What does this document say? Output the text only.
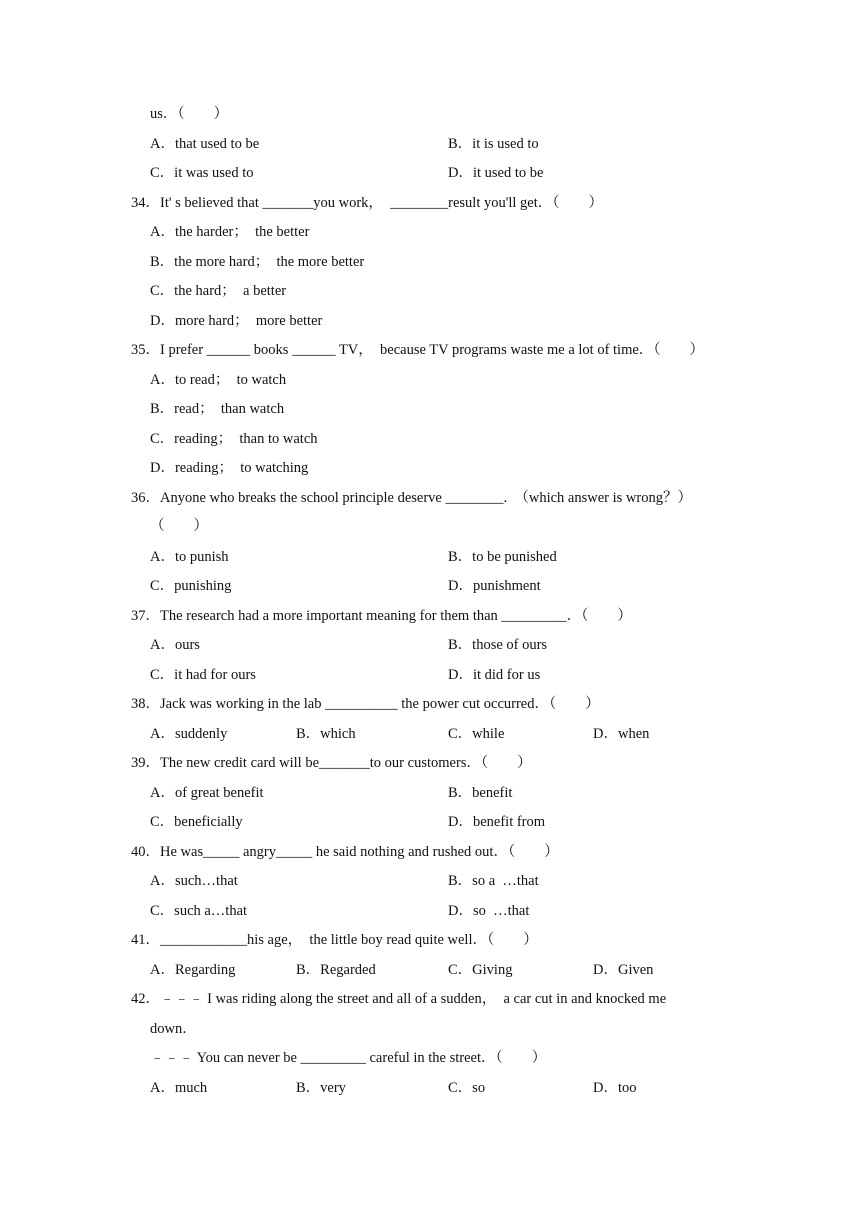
us．（　　）
A．that used to be	B．it is used to
C．it was used to	D．it used to be
34．It' s believed that _______you work，  ________result you'll get．（　　）
A．the harder；  the better
B．the more hard；  the more better
C．the hard；  a better
D．more hard；  more better
35．I prefer ______ books ______ TV，  because TV programs waste me a lot of time．（　　）
A．to read；  to watch
B．read；  than watch
C．reading；  than to watch
D．reading；  to watching
36．Anyone who breaks the school principle deserve ________.  （which answer is wrong？）
（　　）
A．to punish	B．to be punished
C．punishing	D．punishment
37．The research had a more important meaning for them than _________．（　　）
A．ours	B．those of ours
C．it had for ours	D．it did for us
38．Jack was working in the lab __________ the power cut occurred．（　　）
A．suddenly	B．which	C．while	D．when
39．The new credit card will be_______to our customers．（　　）
A．of great benefit	B．benefit
C．beneficially	D．benefit from
40．He was_____ angry_____ he said nothing and rushed out．（　　）
A．such…that	B．so a  …that
C．such a…that	D．so  …that
41．____________his age，  the little boy read quite well．（　　）
A．Regarding	B．Regarded	C．Giving	D．Given
42．﹣﹣﹣ I was riding along the street and all of a sudden，  a car cut in and knocked me
down．
﹣﹣﹣ You can never be _________ careful in the street．（　　）
A．much	B．very	C．so	D．too
